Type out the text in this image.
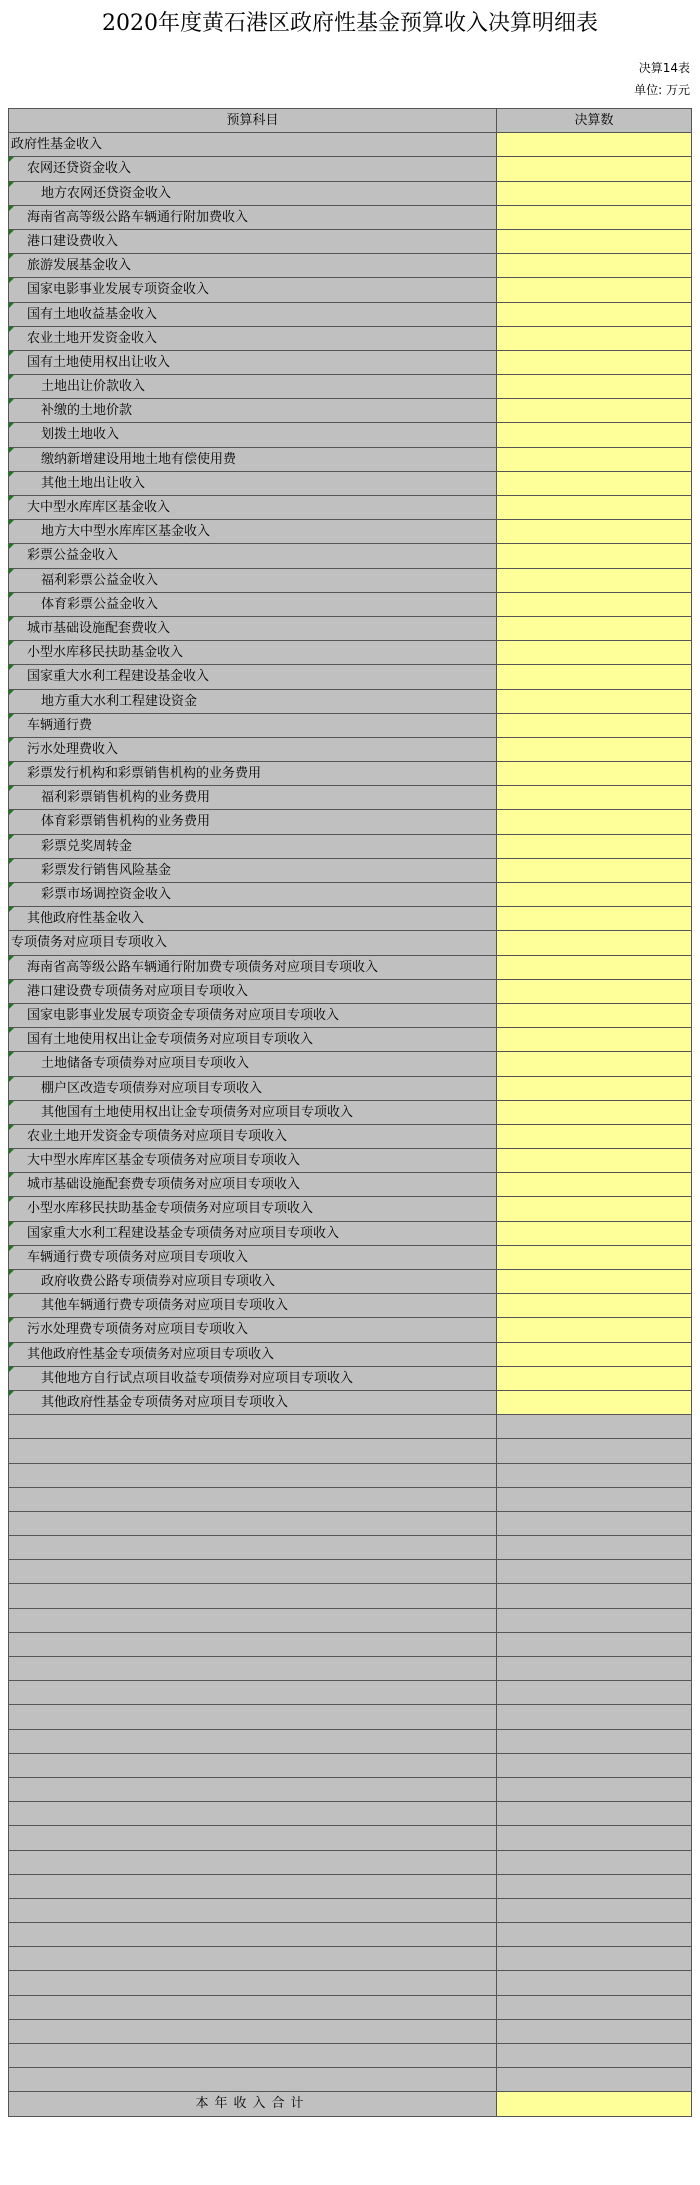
2020年度黄石港区政府性基金预算收入决算明细表
决算14表
单位: 万元
预算科目	决算数
政府性基金收入
农网还贷资金收入
地方农网还贷资金收入
海南省高等级公路车辆通行附加费收入
港口建设费收入
旅游发展基金收入
国家电影事业发展专项资金收入
国有土地收益基金收入
农业土地开发资金收入
国有土地使用权出让收入
土地出让价款收入
补缴的土地价款
划拨土地收入
缴纳新增建设用地土地有偿使用费
其他土地出让收入
大中型水库库区基金收入
地方大中型水库库区基金收入
彩票公益金收入
福利彩票公益金收入
体育彩票公益金收入
城市基础设施配套费收入
小型水库移民扶助基金收入
国家重大水利工程建设基金收入
地方重大水利工程建设资金
车辆通行费
污水处理费收入
彩票发行机构和彩票销售机构的业务费用
福利彩票销售机构的业务费用
体育彩票销售机构的业务费用
彩票兑奖周转金
彩票发行销售风险基金
彩票市场调控资金收入
其他政府性基金收入
专项债务对应项目专项收入
海南省高等级公路车辆通行附加费专项债务对应项目专项收入
港口建设费专项债务对应项目专项收入
国家电影事业发展专项资金专项债务对应项目专项收入
国有土地使用权出让金专项债务对应项目专项收入
土地储备专项债券对应项目专项收入
棚户区改造专项债券对应项目专项收入
其他国有土地使用权出让金专项债务对应项目专项收入
农业土地开发资金专项债务对应项目专项收入
大中型水库库区基金专项债务对应项目专项收入
城市基础设施配套费专项债务对应项目专项收入
小型水库移民扶助基金专项债务对应项目专项收入
国家重大水利工程建设基金专项债务对应项目专项收入
车辆通行费专项债务对应项目专项收入
政府收费公路专项债券对应项目专项收入
其他车辆通行费专项债务对应项目专项收入
污水处理费专项债务对应项目专项收入
其他政府性基金专项债务对应项目专项收入
其他地方自行试点项目收益专项债券对应项目专项收入
其他政府性基金专项债务对应项目专项收入
本年收入合计
